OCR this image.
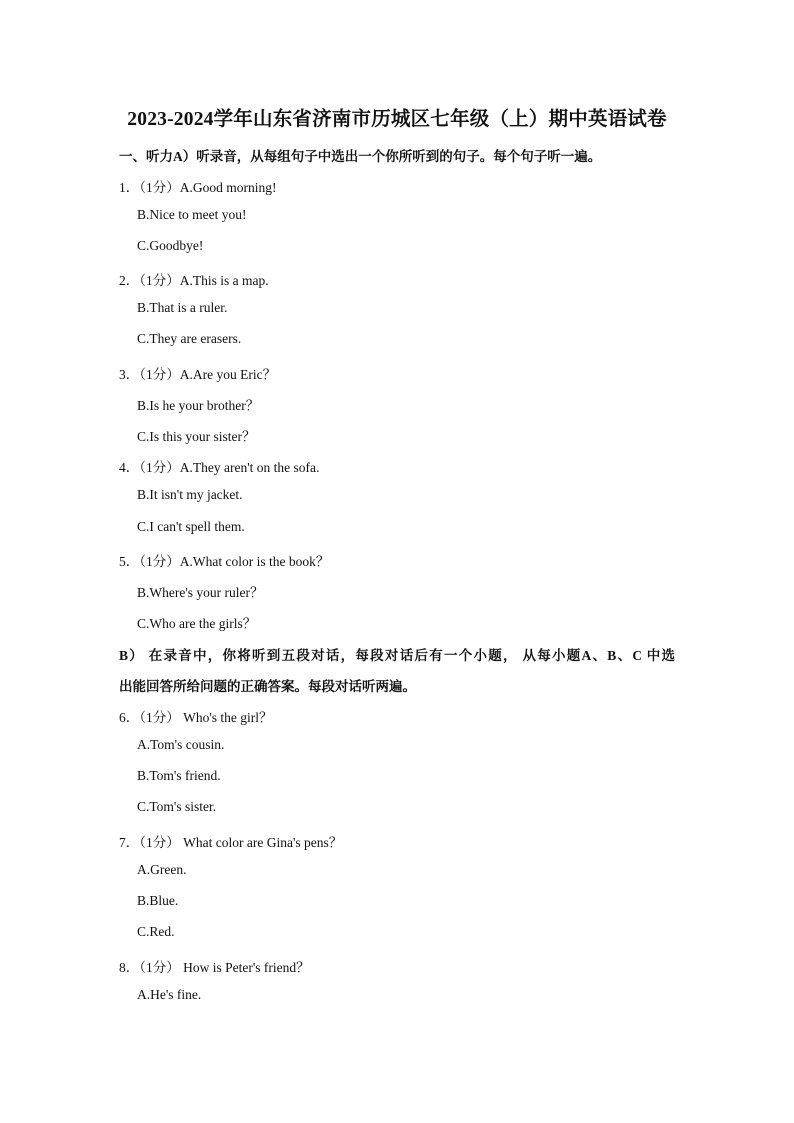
2023-2024学年山东省济南市历城区七年级（上）期中英语试卷
一、听力A）听录音，从每组句子中选出一个你所听到的句子。每个句子听一遍。
1．（1分）A.Good morning!
B.Nice to meet you!
C.Goodbye!
2．（1分）A.This is a map.
B.That is a ruler.
C.They are erasers.
3．（1分）A.Are you Eric？
B.Is he your brother？
C.Is this your sister？
4．（1分）A.They aren't on the sofa.
B.It isn't my jacket.
C.I can't spell them.
5．（1分）A.What color is the book？
B.Where's your ruler？
C.Who are the girls？
B） 在录音中，你将听到五段对话，每段对话后有一个小题， 从每小题A、B、C 中选
出能回答所给问题的正确答案。每段对话听两遍。
6．（1分） Who's the girl？
A.Tom's cousin.
B.Tom's friend.
C.Tom's sister.
7．（1分） What color are Gina's pens？
A.Green.
B.Blue.
C.Red.
8．（1分） How is Peter's friend？
A.He's fine.
